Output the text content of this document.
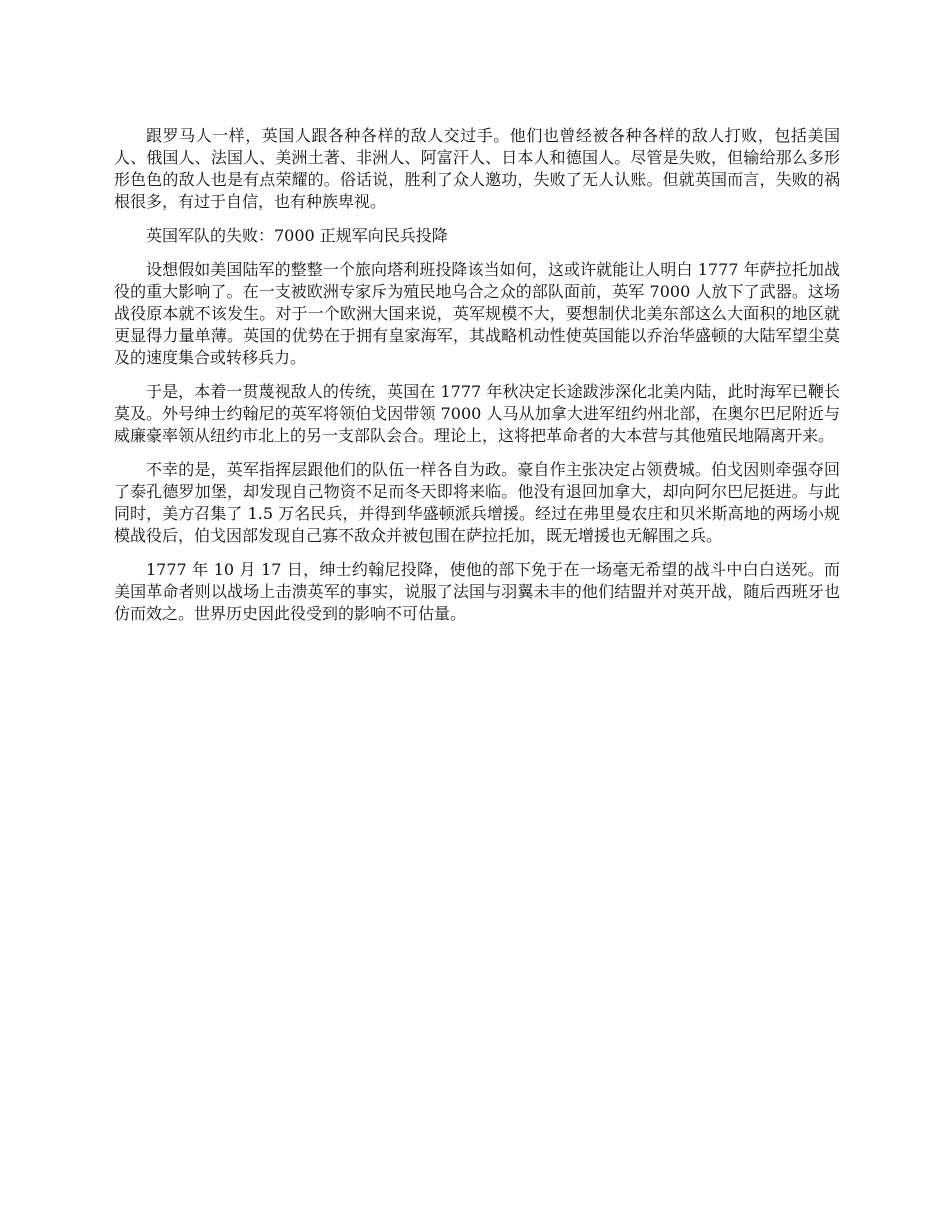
跟罗马人一样，英国人跟各种各样的敌人交过手。他们也曾经被各种各样的敌人打败，包括美国人、俄国人、法国人、美洲土著、非洲人、阿富汗人、日本人和德国人。尽管是失败，但输给那么多形形色色的敌人也是有点荣耀的。俗话说，胜利了众人邀功，失败了无人认账。但就英国而言，失败的祸根很多，有过于自信，也有种族卑视。

英国军队的失败：7000 正规军向民兵投降

设想假如美国陆军的整整一个旅向塔利班投降该当如何，这或许就能让人明白 1777 年萨拉托加战役的重大影响了。在一支被欧洲专家斥为殖民地乌合之众的部队面前，英军 7000 人放下了武器。这场战役原本就不该发生。对于一个欧洲大国来说，英军规模不大，要想制伏北美东部这么大面积的地区就更显得力量单薄。英国的优势在于拥有皇家海军，其战略机动性使英国能以乔治华盛顿的大陆军望尘莫及的速度集合或转移兵力。

于是，本着一贯蔑视敌人的传统，英国在 1777 年秋决定长途跋涉深化北美内陆，此时海军已鞭长莫及。外号绅士约翰尼的英军将领伯戈因带领 7000 人马从加拿大进军纽约州北部，在奥尔巴尼附近与威廉豪率领从纽约市北上的另一支部队会合。理论上，这将把革命者的大本营与其他殖民地隔离开来。

不幸的是，英军指挥层跟他们的队伍一样各自为政。豪自作主张决定占领费城。伯戈因则牵强夺回了泰孔德罗加堡，却发现自己物资不足而冬天即将来临。他没有退回加拿大，却向阿尔巴尼挺进。与此同时，美方召集了 1.5 万名民兵，并得到华盛顿派兵增援。经过在弗里曼农庄和贝米斯高地的两场小规模战役后，伯戈因部发现自己寡不敌众并被包围在萨拉托加，既无增援也无解围之兵。

1777 年 10 月 17 日，绅士约翰尼投降，使他的部下免于在一场毫无希望的战斗中白白送死。而美国革命者则以战场上击溃英军的事实，说服了法国与羽翼未丰的他们结盟并对英开战，随后西班牙也仿而效之。世界历史因此役受到的影响不可估量。
